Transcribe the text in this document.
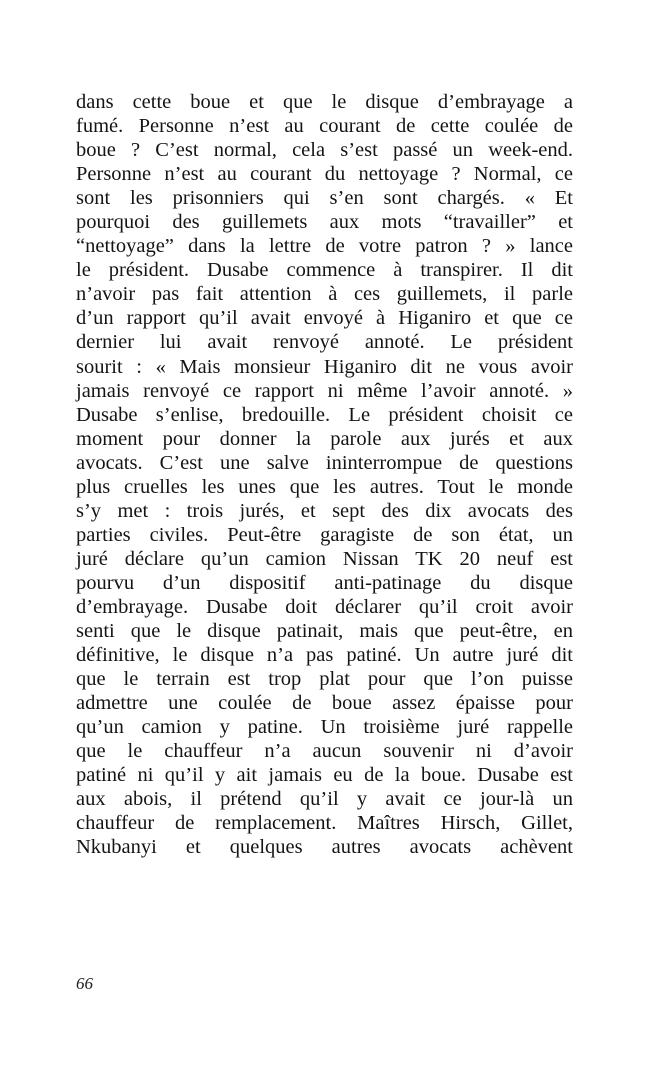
dans cette boue et que le disque d’embrayage a
fumé. Personne n’est au courant de cette coulée de
boue ? C’est normal, cela s’est passé un week-end.
Personne n’est au courant du nettoyage ? Normal, ce
sont les prisonniers qui s’en sont chargés. « Et
pourquoi des guillemets aux mots “travailler” et
“nettoyage” dans la lettre de votre patron ? » lance
le président. Dusabe commence à transpirer. Il dit
n’avoir pas fait attention à ces guillemets, il parle
d’un rapport qu’il avait envoyé à Higaniro et que ce
dernier lui avait renvoyé annoté. Le président
sourit : « Mais monsieur Higaniro dit ne vous avoir
jamais renvoyé ce rapport ni même l’avoir annoté. »
Dusabe s’enlise, bredouille. Le président choisit ce
moment pour donner la parole aux jurés et aux
avocats. C’est une salve ininterrompue de questions
plus cruelles les unes que les autres. Tout le monde
s’y met : trois jurés, et sept des dix avocats des
parties civiles. Peut-être garagiste de son état, un
juré déclare qu’un camion Nissan TK 20 neuf est
pourvu d’un dispositif anti-patinage du disque
d’embrayage. Dusabe doit déclarer qu’il croit avoir
senti que le disque patinait, mais que peut-être, en
définitive, le disque n’a pas patiné. Un autre juré dit
que le terrain est trop plat pour que l’on puisse
admettre une coulée de boue assez épaisse pour
qu’un camion y patine. Un troisième juré rappelle
que le chauffeur n’a aucun souvenir ni d’avoir
patiné ni qu’il y ait jamais eu de la boue. Dusabe est
aux abois, il prétend qu’il y avait ce jour-là un
chauffeur de remplacement. Maîtres Hirsch, Gillet,
Nkubanyi et quelques autres avocats achèvent
66
